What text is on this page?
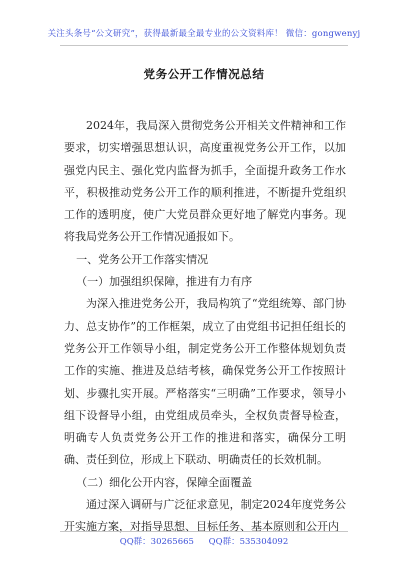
关注头条号“公文研究”，获得最新最全最专业的公文资料库！ 微信：gongwenyj
党务公开工作情况总结

2024年，我局深入贯彻党务公开相关文件精神和工作要求，切实增强思想认识，高度重视党务公开工作，以加强党内民主、强化党内监督为抓手，全面提升政务工作水平，积极推动党务公开工作的顺利推进，不断提升党组织工作的透明度，使广大党员群众更好地了解党内事务。现将我局党务公开工作情况通报如下。

一、党务公开工作落实情况

（一）加强组织保障，推进有力有序

为深入推进党务公开，我局构筑了“党组统筹、部门协力、总支协作”的工作框架，成立了由党组书记担任组长的党务公开工作领导小组，制定党务公开工作整体规划负责工作的实施、推进及总结考核，确保党务公开工作按照计划、步骤扎实开展。严格落实“三明确”工作要求，领导小组下设督导小组，由党组成员牵头，全权负责督导检查，明确专人负责党务公开工作的推进和落实，确保分工明确、责任到位，形成上下联动、明确责任的长效机制。

（二）细化公开内容，保障全面覆盖

通过深入调研与广泛征求意见，制定2024年度党务公开实施方案，对指导思想、目标任务、基本原则和公开内

QQ群：30265665 QQ群：535304092
